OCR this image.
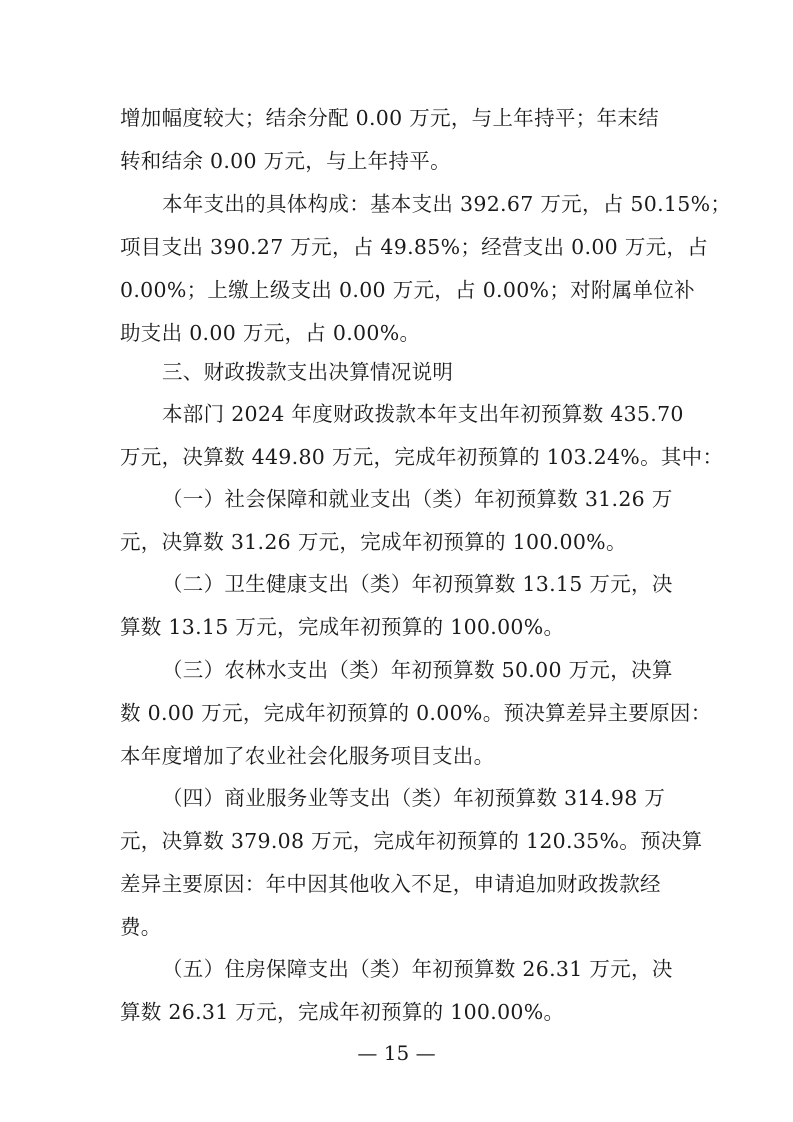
增加幅度较大；结余分配 0.00 万元，与上年持平；年末结
转和结余 0.00 万元，与上年持平。
本年支出的具体构成：基本支出 392.67 万元，占 50.15%；
项目支出 390.27 万元，占 49.85%；经营支出 0.00 万元，占
0.00%；上缴上级支出 0.00 万元，占 0.00%；对附属单位补
助支出 0.00 万元，占 0.00%。
三、财政拨款支出决算情况说明
本部门 2024 年度财政拨款本年支出年初预算数 435.70
万元，决算数 449.80 万元，完成年初预算的 103.24%。其中：
（一）社会保障和就业支出（类）年初预算数 31.26 万
元，决算数 31.26 万元，完成年初预算的 100.00%。
（二）卫生健康支出（类）年初预算数 13.15 万元，决
算数 13.15 万元，完成年初预算的 100.00%。
（三）农林水支出（类）年初预算数 50.00 万元，决算
数 0.00 万元，完成年初预算的 0.00%。预决算差异主要原因：
本年度增加了农业社会化服务项目支出。
（四）商业服务业等支出（类）年初预算数 314.98 万
元，决算数 379.08 万元，完成年初预算的 120.35%。预决算
差异主要原因：年中因其他收入不足，申请追加财政拨款经
费。
（五）住房保障支出（类）年初预算数 26.31 万元，决
算数 26.31 万元，完成年初预算的 100.00%。
— 15 —
